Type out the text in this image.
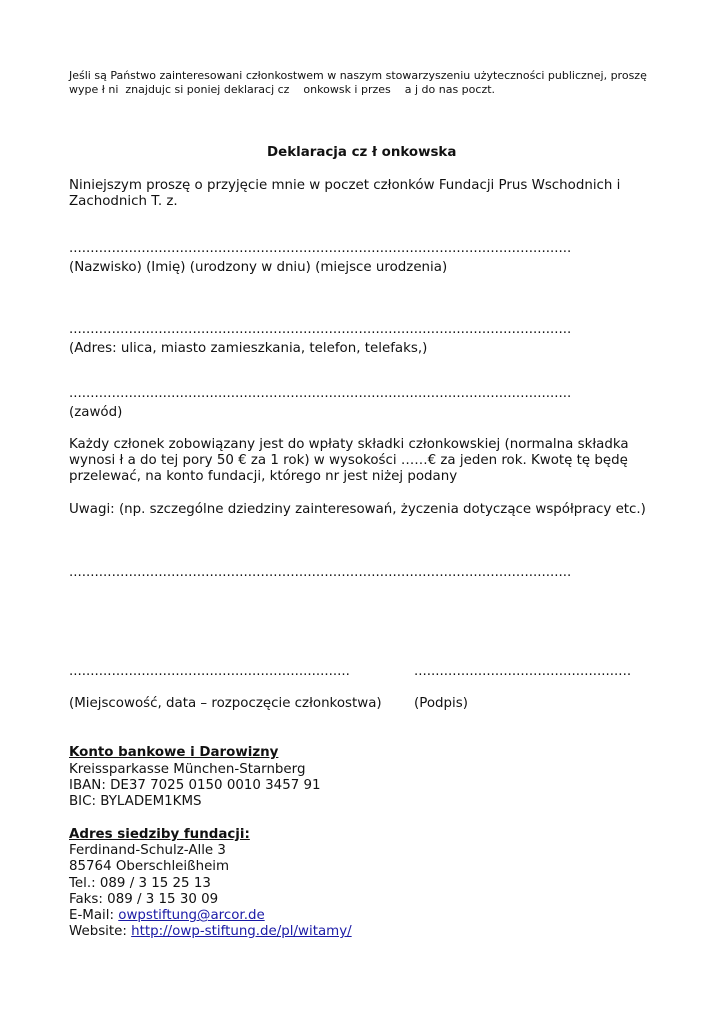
Jeśli są Państwo zainteresowani członkostwem w naszym stowarzyszeniu użyteczności publicznej, proszę
wype ł ni  znajdujc si poniej deklaracj cz    onkowsk i przes    a j do nas poczt.
Deklaracja cz ł onkowska
Niniejszym proszę o przyjęcie mnie w poczet członków Fundacji Prus Wschodnich i
Zachodnich T. z.
......................................................................................................................
(Nazwisko) (Imię) (urodzony w dniu) (miejsce urodzenia)
......................................................................................................................
(Adres: ulica, miasto zamieszkania, telefon, telefaks,)
......................................................................................................................
(zawód)
Każdy członek zobowiązany jest do wpłaty składki członkowskiej (normalna składka
wynosi ł a do tej pory 50 € za 1 rok) w wysokości ……€ za jeden rok. Kwotę tę będę
przelewać, na konto fundacji, którego nr jest niżej podany
Uwagi: (np. szczególne dziedziny zainteresowań, życzenia dotyczące współpracy etc.)
......................................................................................................................
..................................................................	...................................................
(Miejscowość, data – rozpoczęcie członkostwa) (Podpis)
Konto bankowe i Darowizny
Kreissparkasse München-Starnberg
IBAN: DE37 7025 0150 0010 3457 91
BIC: BYLADEM1KMS
Adres siedziby fundacji:
Ferdinand-Schulz-Alle 3
85764 Oberschleißheim
Tel.: 089 / 3 15 25 13
Faks: 089 / 3 15 30 09
E-Mail: owpstiftung@arcor.de
Website: http://owp-stiftung.de/pl/witamy/
